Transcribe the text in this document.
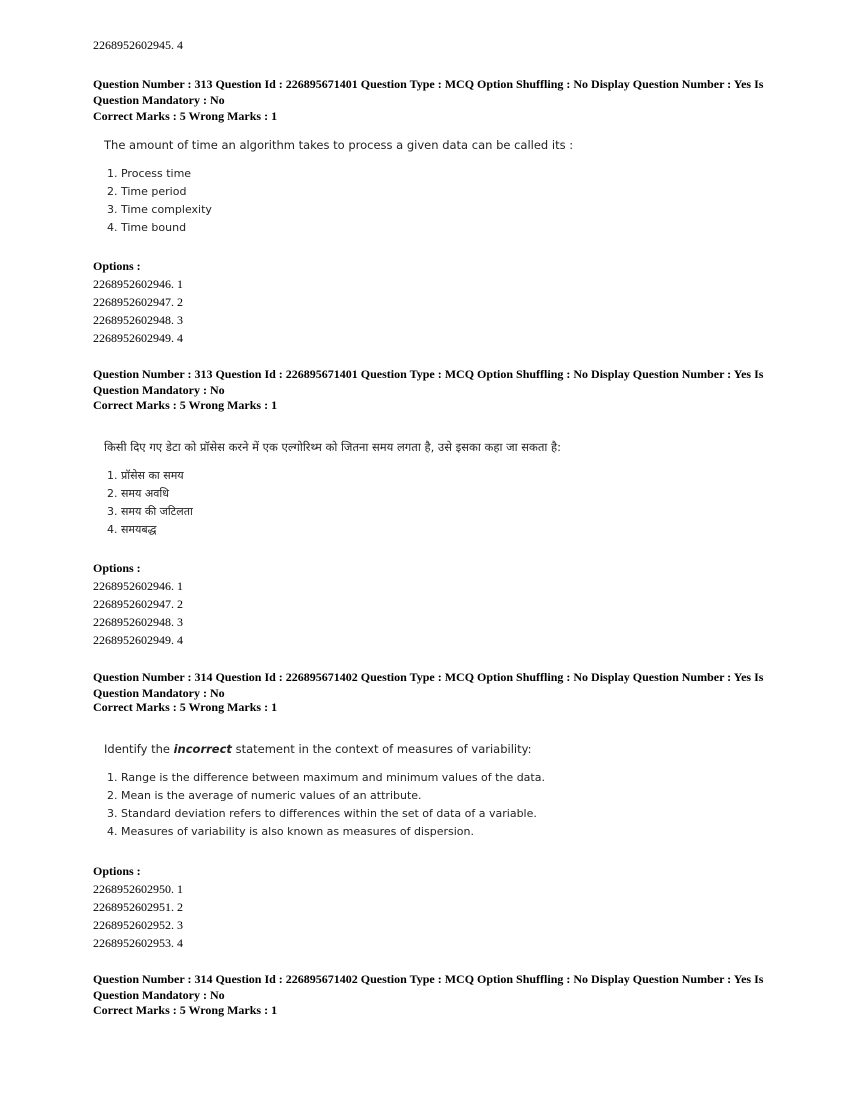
2268952602945. 4
Question Number : 313 Question Id : 226895671401 Question Type : MCQ Option Shuffling : No Display Question Number : Yes Is Question Mandatory : No
Correct Marks : 5 Wrong Marks : 1
The amount of time an algorithm takes to process a given data can be called its :
1. Process time
2. Time period
3. Time complexity
4. Time bound
Options :
2268952602946. 1
2268952602947. 2
2268952602948. 3
2268952602949. 4
Question Number : 313 Question Id : 226895671401 Question Type : MCQ Option Shuffling : No Display Question Number : Yes Is Question Mandatory : No
Correct Marks : 5 Wrong Marks : 1
किसी दिए गए डेटा को प्रॉसेस करने में एक एल्गोरिथ्म को जितना समय लगता है, उसे इसका कहा जा सकता है:
1. प्रॉसेस का समय
2. समय अवधि
3. समय की जटिलता
4. समयबद्ध
Options :
2268952602946. 1
2268952602947. 2
2268952602948. 3
2268952602949. 4
Question Number : 314 Question Id : 226895671402 Question Type : MCQ Option Shuffling : No Display Question Number : Yes Is Question Mandatory : No
Correct Marks : 5 Wrong Marks : 1
Identify the incorrect statement in the context of measures of variability:
1. Range is the difference between maximum and minimum values of the data.
2. Mean is the average of numeric values of an attribute.
3. Standard deviation refers to differences within the set of data of a variable.
4. Measures of variability is also known as measures of dispersion.
Options :
2268952602950. 1
2268952602951. 2
2268952602952. 3
2268952602953. 4
Question Number : 314 Question Id : 226895671402 Question Type : MCQ Option Shuffling : No Display Question Number : Yes Is Question Mandatory : No
Correct Marks : 5 Wrong Marks : 1
